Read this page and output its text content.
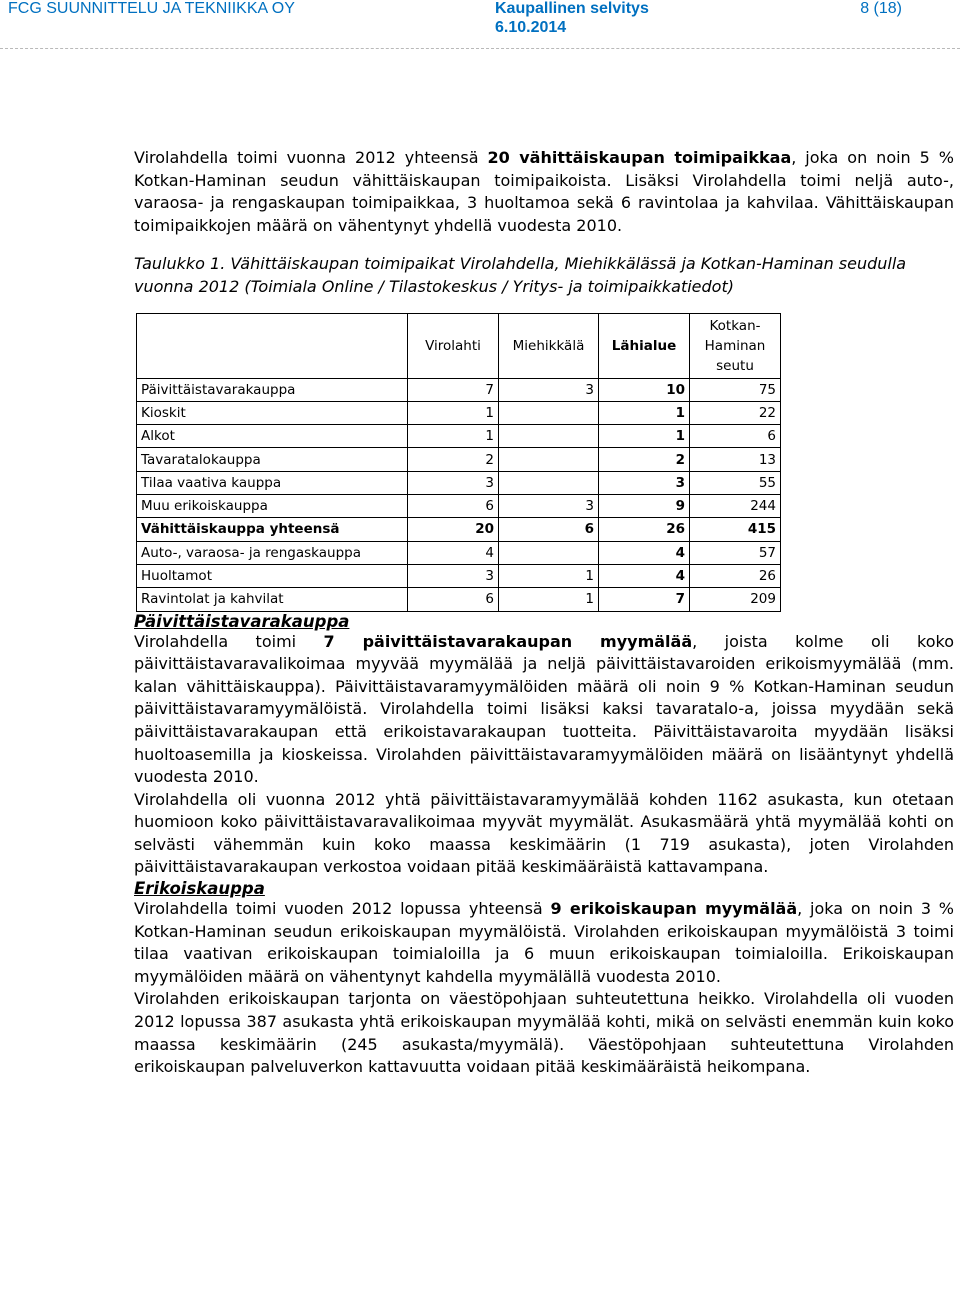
FCG SUUNNITTELU JA TEKNIIKKA OY	Kaupallinen selvitys
6.10.2014
8 (18)

Virolahdella toimi vuonna 2012 yhteensä 20 vähittäiskaupan toimipaikkaa, joka on noin 5 % Kotkan-Haminan seudun vähittäiskaupan toimipaikoista. Lisäksi Virolahdella toimi neljä auto-, varaosa- ja rengaskaupan toimipaikkaa, 3 huoltamoa sekä 6 ravintolaa ja kahvilaa. Vähittäiskaupan toimipaikkojen määrä on vähentynyt yhdellä vuodesta 2010.

Taulukko 1. Vähittäiskaupan toimipaikat Virolahdella, Miehikkälässä ja Kotkan-Haminan seudulla vuonna 2012 (Toimiala Online / Tilastokeskus / Yritys- ja toimipaikkatiedot)

	Virolahti	Miehikkälä	Lähialue	Kotkan-Haminan seutu
Päivittäistavarakauppa	7	3	10	75
Kioskit	1		1	22
Alkot	1		1	6
Tavaratalokauppa	2		2	13
Tilaa vaativa kauppa	3		3	55
Muu erikoiskauppa	6	3	9	244
Vähittäiskauppa yhteensä	20	6	26	415
Auto-, varaosa- ja rengaskauppa	4		4	57
Huoltamot	3	1	4	26
Ravintolat ja kahvilat	6	1	7	209
Päivittäistavarakauppa

Virolahdella toimi 7 päivittäistavarakaupan myymälää, joista kolme oli koko päivittäistavaravalikoimaa myyvää myymälää ja neljä päivittäistavaroiden erikoismyymälää (mm. kalan vähittäiskauppa). Päivittäistavaramyymälöiden määrä oli noin 9 % Kotkan-Haminan seudun päivittäistavaramyymälöistä. Virolahdella toimi lisäksi kaksi tavaratalo-a, joissa myydään sekä päivittäistavarakaupan että erikoistavarakaupan tuotteita. Päivittäistavaroita myydään lisäksi huoltoasemilla ja kioskeissa. Virolahden päivittäistavaramyymälöiden määrä on lisääntynyt yhdellä vuodesta 2010.

Virolahdella oli vuonna 2012 yhtä päivittäistavaramyymälää kohden 1162 asukasta, kun otetaan huomioon koko päivittäistavaravalikoimaa myyvät myymälät. Asukasmäärä yhtä myymälää kohti on selvästi vähemmän kuin koko maassa keskimäärin (1 719 asukasta), joten Virolahden päivittäistavarakaupan verkostoa voidaan pitää keskimääräistä kattavampana.

Erikoiskauppa

Virolahdella toimi vuoden 2012 lopussa yhteensä 9 erikoiskaupan myymälää, joka on noin 3 % Kotkan-Haminan seudun erikoiskaupan myymälöistä. Virolahden erikoiskaupan myymälöistä 3 toimi tilaa vaativan erikoiskaupan toimialoilla ja 6 muun erikoiskaupan toimialoilla. Erikoiskaupan myymälöiden määrä on vähentynyt kahdella myymälällä vuodesta 2010.

Virolahden erikoiskaupan tarjonta on väestöpohjaan suhteutettuna heikko. Virolahdella oli vuoden 2012 lopussa 387 asukasta yhtä erikoiskaupan myymälää kohti, mikä on selvästi enemmän kuin koko maassa keskimäärin (245 asukasta/myymälä). Väestöpohjaan suhteutettuna Virolahden erikoiskaupan palveluverkon kattavuutta voidaan pitää keskimääräistä heikompana.
